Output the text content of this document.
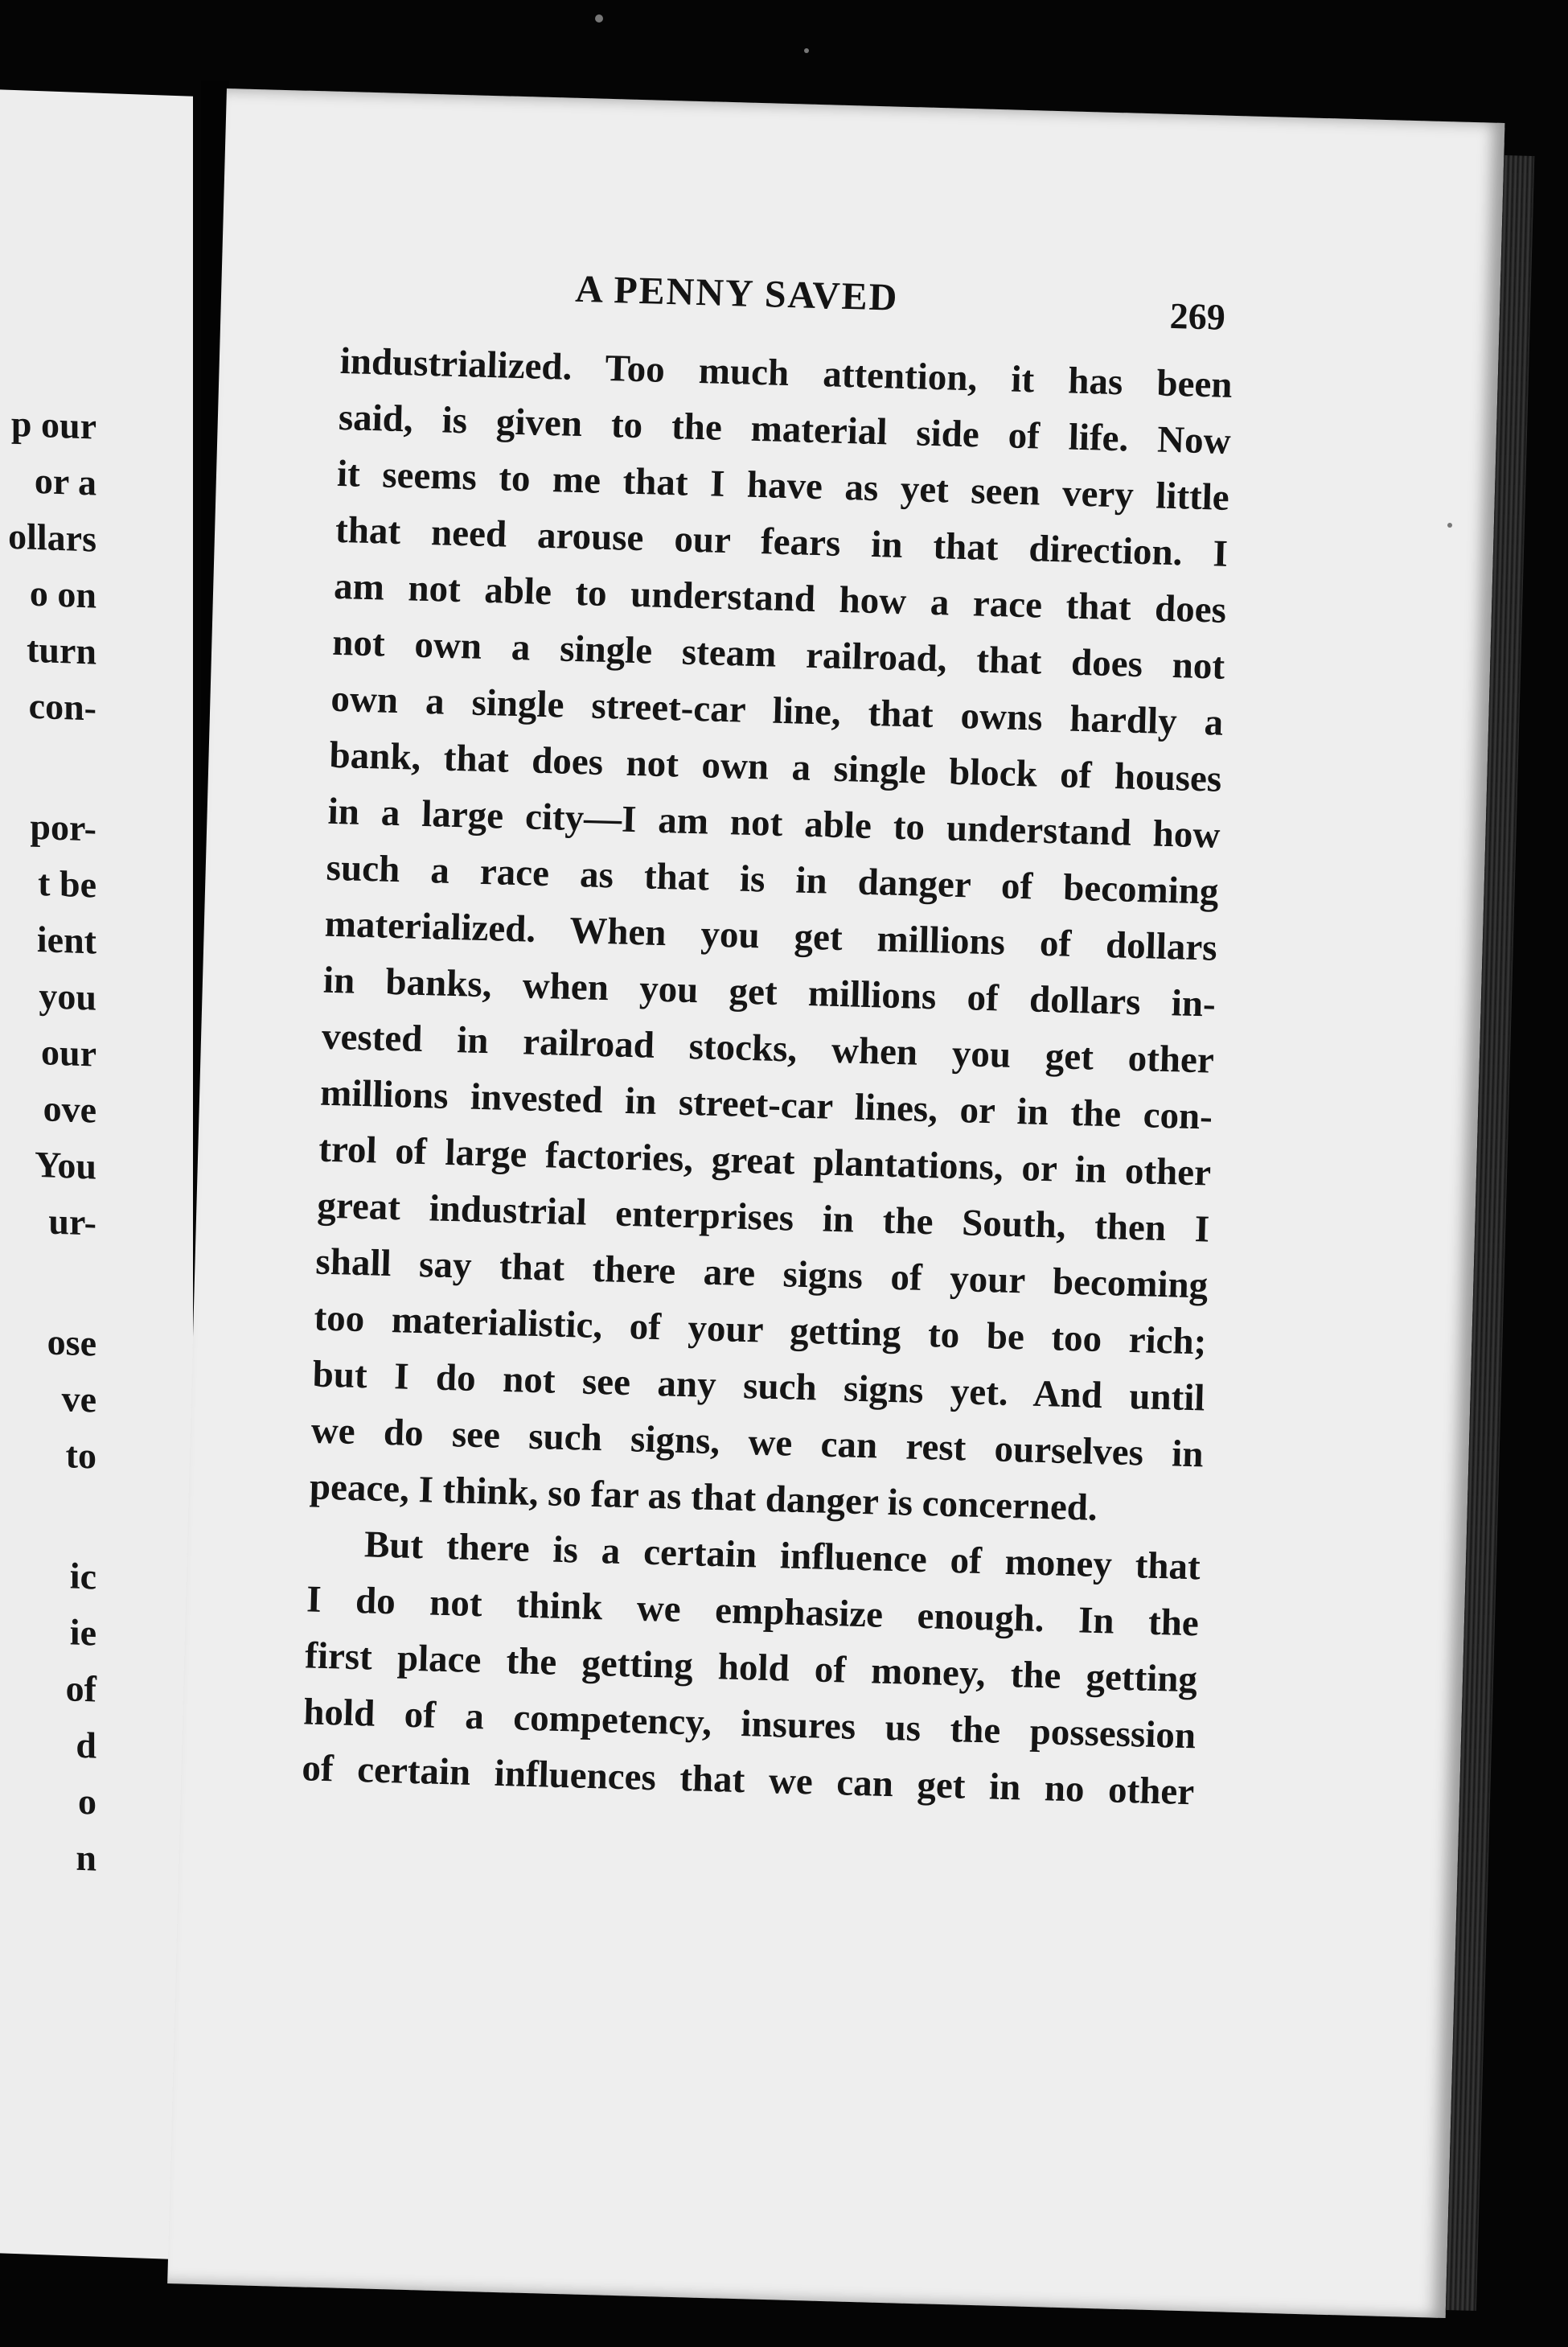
p our
or a
ollars
o on
turn
con-
por-
t be
ient
you
our
ove
You
ur-
ose
ve
to
ic
ie
of
d
o
n
A PENNY SAVED	269
industrialized. Too much attention, it has been
said, is given to the material side of life. Now
it seems to me that I have as yet seen very little
that need arouse our fears in that direction. I
am not able to understand how a race that does
not own a single steam railroad, that does not
own a single street-car line, that owns hardly a
bank, that does not own a single block of houses
in a large city—I am not able to understand how
such a race as that is in danger of becoming
materialized. When you get millions of dollars
in banks, when you get millions of dollars in-
vested in railroad stocks, when you get other
millions invested in street-car lines, or in the con-
trol of large factories, great plantations, or in other
great industrial enterprises in the South, then I
shall say that there are signs of your becoming
too materialistic, of your getting to be too rich;
but I do not see any such signs yet. And until
we do see such signs, we can rest ourselves in
peace, I think, so far as that danger is concerned.
But there is a certain influence of money that
I do not think we emphasize enough. In the
first place the getting hold of money, the getting
hold of a competency, insures us the possession
of certain influences that we can get in no other
